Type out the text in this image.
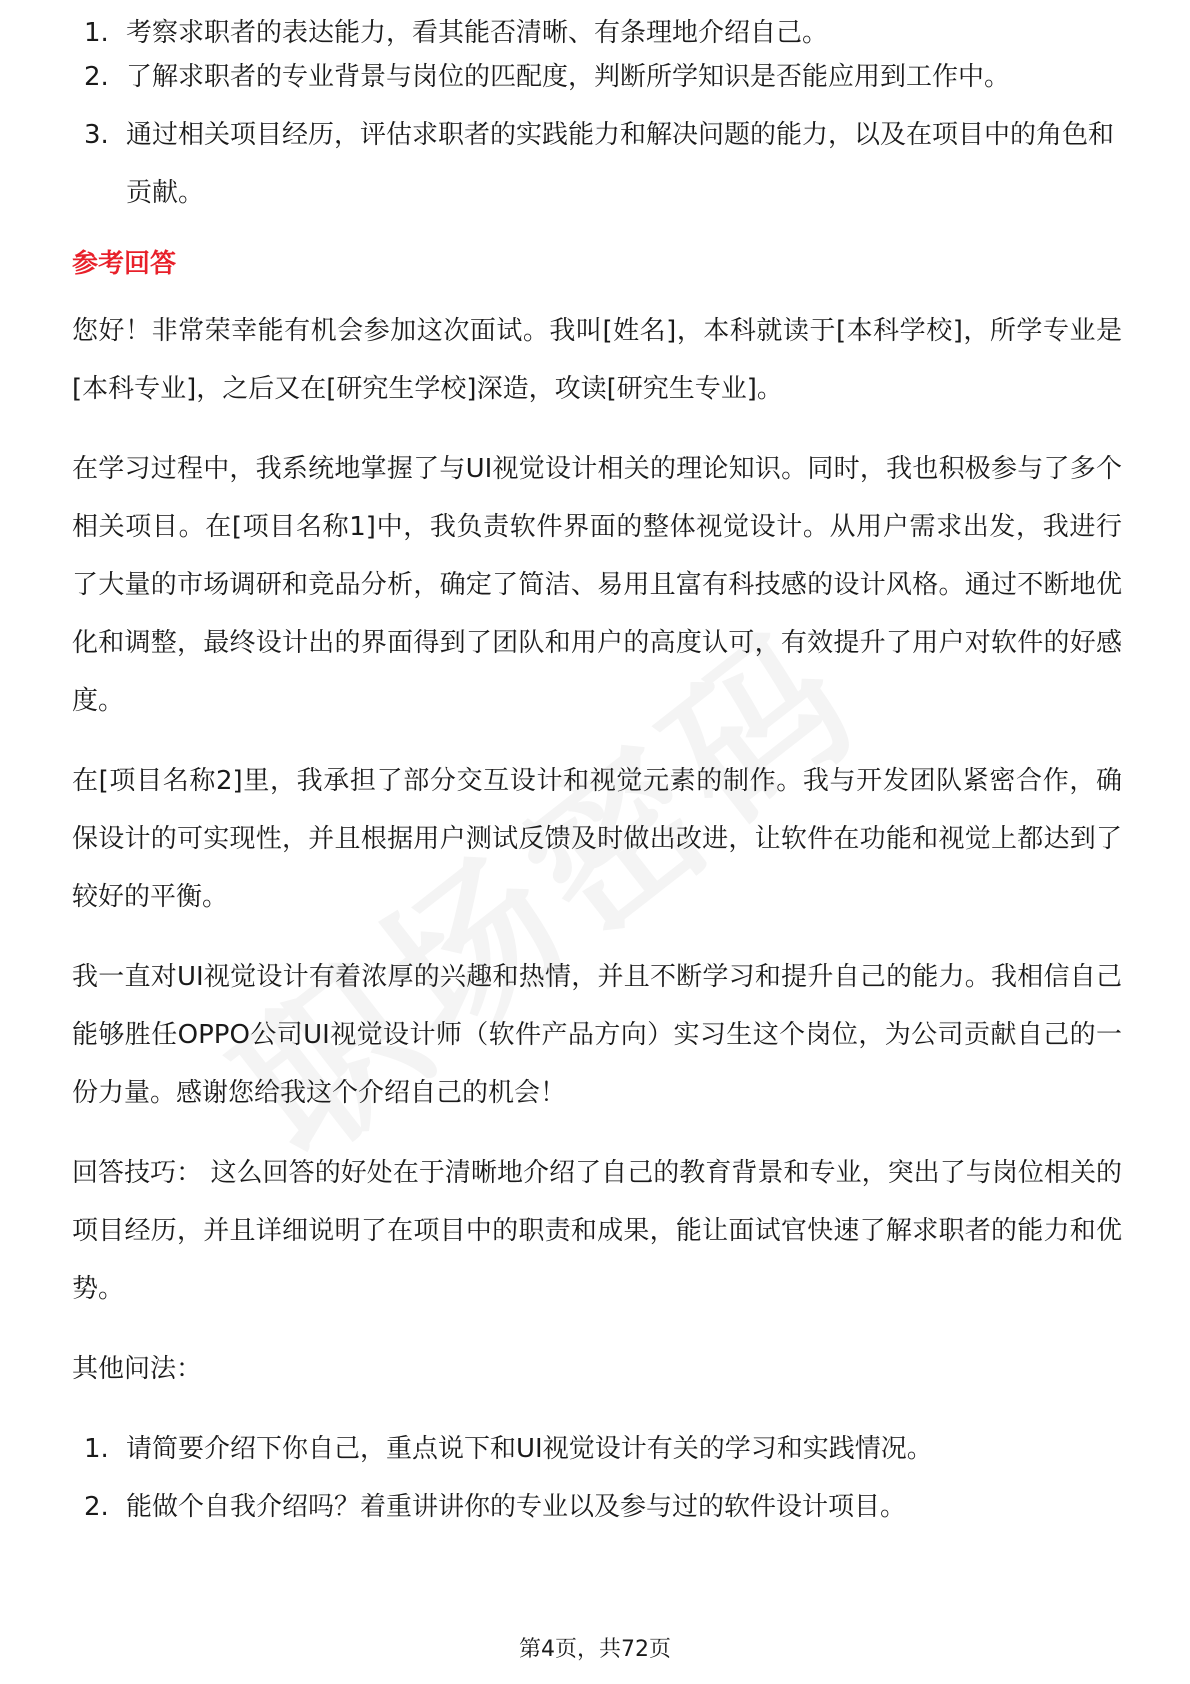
1. 考察求职者的表达能力，看其能否清晰、有条理地介绍自己。
2. 了解求职者的专业背景与岗位的匹配度，判断所学知识是否能应用到工作中。
3. 通过相关项目经历，评估求职者的实践能力和解决问题的能力，以及在项目中的角色和贡献。
参考回答

您好！非常荣幸能有机会参加这次面试。我叫[姓名]，本科就读于[本科学校]，所学专业是[本科专业]，之后又在[研究生学校]深造，攻读[研究生专业]。

在学习过程中，我系统地掌握了与UI视觉设计相关的理论知识。同时，我也积极参与了多个相关项目。在[项目名称1]中，我负责软件界面的整体视觉设计。从用户需求出发，我进行了大量的市场调研和竞品分析，确定了简洁、易用且富有科技感的设计风格。通过不断地优化和调整，最终设计出的界面得到了团队和用户的高度认可，有效提升了用户对软件的好感度。

在[项目名称2]里，我承担了部分交互设计和视觉元素的制作。我与开发团队紧密合作，确保设计的可实现性，并且根据用户测试反馈及时做出改进，让软件在功能和视觉上都达到了较好的平衡。

我一直对UI视觉设计有着浓厚的兴趣和热情，并且不断学习和提升自己的能力。我相信自己能够胜任OPPO公司UI视觉设计师（软件产品方向）实习生这个岗位，为公司贡献自己的一份力量。感谢您给我这个介绍自己的机会！

回答技巧： 这么回答的好处在于清晰地介绍了自己的教育背景和专业，突出了与岗位相关的项目经历，并且详细说明了在项目中的职责和成果，能让面试官快速了解求职者的能力和优势。

其他问法：

1. 请简要介绍下你自己，重点说下和UI视觉设计有关的学习和实践情况。
2. 能做个自我介绍吗？着重讲讲你的专业以及参与过的软件设计项目。
第4页，共72页
